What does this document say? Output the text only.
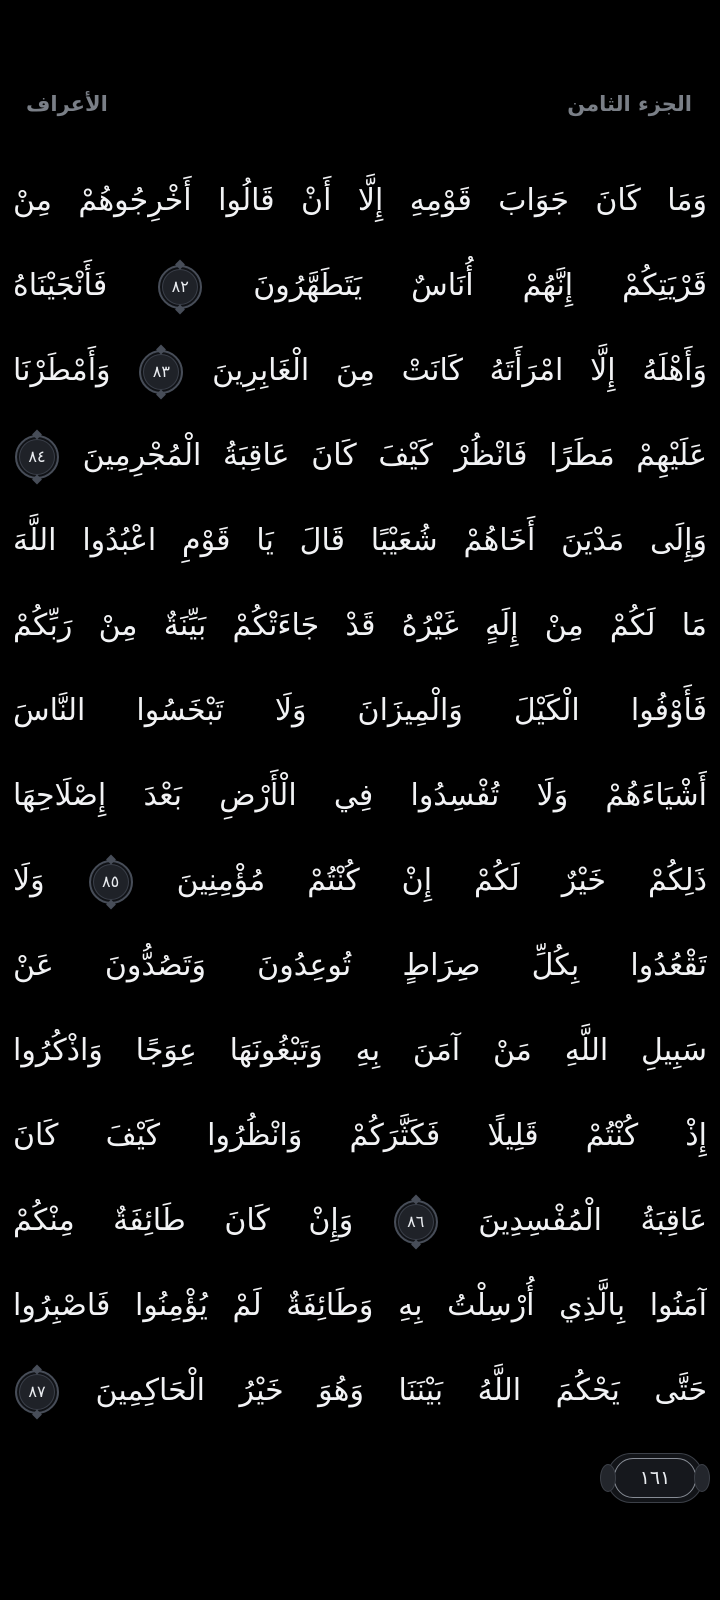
الجزء الثامن
الأعراف
وَمَا كَانَ جَوَابَ قَوْمِهِ إِلَّا أَنْ قَالُوا أَخْرِجُوهُمْ مِنْ
قَرْيَتِكُمْ إِنَّهُمْ أُنَاسٌ يَتَطَهَّرُونَ
٨٢
فَأَنْجَيْنَاهُ
وَأَهْلَهُ إِلَّا امْرَأَتَهُ كَانَتْ مِنَ الْغَابِرِينَ
٨٣
وَأَمْطَرْنَا
عَلَيْهِمْ مَطَرًا فَانْظُرْ كَيْفَ كَانَ عَاقِبَةُ الْمُجْرِمِينَ
٨٤
وَإِلَى مَدْيَنَ أَخَاهُمْ شُعَيْبًا قَالَ يَا قَوْمِ اعْبُدُوا اللَّهَ
مَا لَكُمْ مِنْ إِلَهٍ غَيْرُهُ قَدْ جَاءَتْكُمْ بَيِّنَةٌ مِنْ رَبِّكُمْ
فَأَوْفُوا الْكَيْلَ وَالْمِيزَانَ وَلَا تَبْخَسُوا النَّاسَ
أَشْيَاءَهُمْ وَلَا تُفْسِدُوا فِي الْأَرْضِ بَعْدَ إِصْلَاحِهَا
ذَلِكُمْ خَيْرٌ لَكُمْ إِنْ كُنْتُمْ مُؤْمِنِينَ
٨٥
وَلَا
تَقْعُدُوا بِكُلِّ صِرَاطٍ تُوعِدُونَ وَتَصُدُّونَ عَنْ
سَبِيلِ اللَّهِ مَنْ آمَنَ بِهِ وَتَبْغُونَهَا عِوَجًا وَاذْكُرُوا
إِذْ كُنْتُمْ قَلِيلًا فَكَثَّرَكُمْ وَانْظُرُوا كَيْفَ كَانَ
عَاقِبَةُ الْمُفْسِدِينَ
٨٦
وَإِنْ كَانَ طَائِفَةٌ مِنْكُمْ
آمَنُوا بِالَّذِي أُرْسِلْتُ بِهِ وَطَائِفَةٌ لَمْ يُؤْمِنُوا فَاصْبِرُوا
حَتَّى يَحْكُمَ اللَّهُ بَيْنَنَا وَهُوَ خَيْرُ الْحَاكِمِينَ
٨٧
١٦١
